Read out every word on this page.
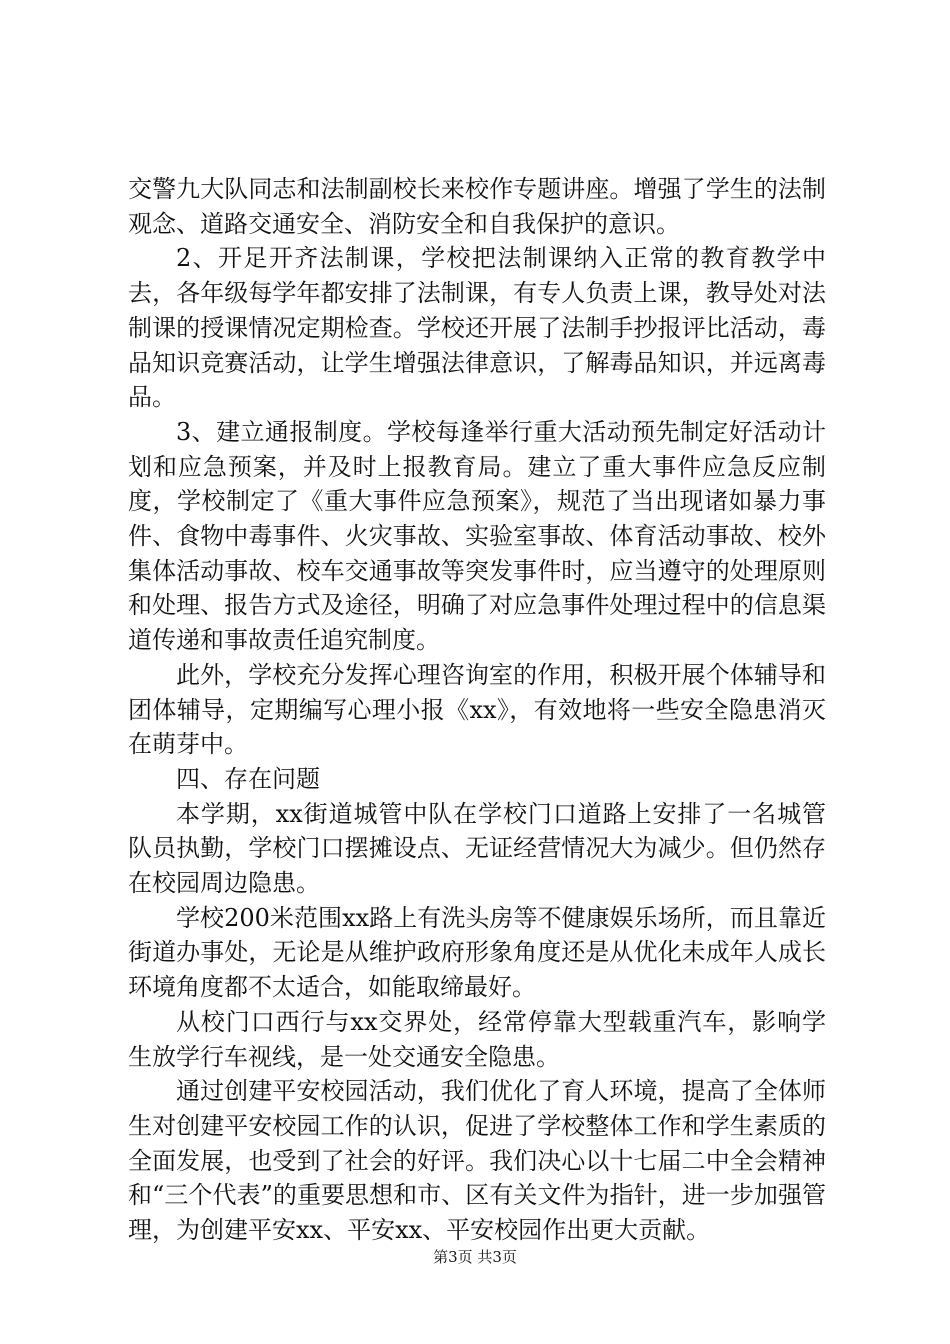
交警九大队同志和法制副校长来校作专题讲座。增强了学生的法制观念、道路交通安全、消防安全和自我保护的意识。

2、开足开齐法制课，学校把法制课纳入正常的教育教学中去，各年级每学年都安排了法制课，有专人负责上课，教导处对法制课的授课情况定期检查。学校还开展了法制手抄报评比活动，毒品知识竞赛活动，让学生增强法律意识，了解毒品知识，并远离毒品。

3、建立通报制度。学校每逢举行重大活动预先制定好活动计划和应急预案，并及时上报教育局。建立了重大事件应急反应制度，学校制定了《重大事件应急预案》，规范了当出现诸如暴力事件、食物中毒事件、火灾事故、实验室事故、体育活动事故、校外集体活动事故、校车交通事故等突发事件时，应当遵守的处理原则和处理、报告方式及途径，明确了对应急事件处理过程中的信息渠道传递和事故责任追究制度。

此外，学校充分发挥心理咨询室的作用，积极开展个体辅导和团体辅导，定期编写心理小报《xx》，有效地将一些安全隐患消灭在萌芽中。

四、存在问题

本学期，xx街道城管中队在学校门口道路上安排了一名城管队员执勤，学校门口摆摊设点、无证经营情况大为减少。但仍然存在校园周边隐患。

学校200米范围xx路上有洗头房等不健康娱乐场所，而且靠近街道办事处，无论是从维护政府形象角度还是从优化未成年人成长环境角度都不太适合，如能取缔最好。

从校门口西行与xx交界处，经常停靠大型载重汽车，影响学生放学行车视线，是一处交通安全隐患。

通过创建平安校园活动，我们优化了育人环境，提高了全体师生对创建平安校园工作的认识，促进了学校整体工作和学生素质的全面发展，也受到了社会的好评。我们决心以十七届二中全会精神和“三个代表”的重要思想和市、区有关文件为指针，进一步加强管理，为创建平安xx、平安xx、平安校园作出更大贡献。

第3页 共3页
